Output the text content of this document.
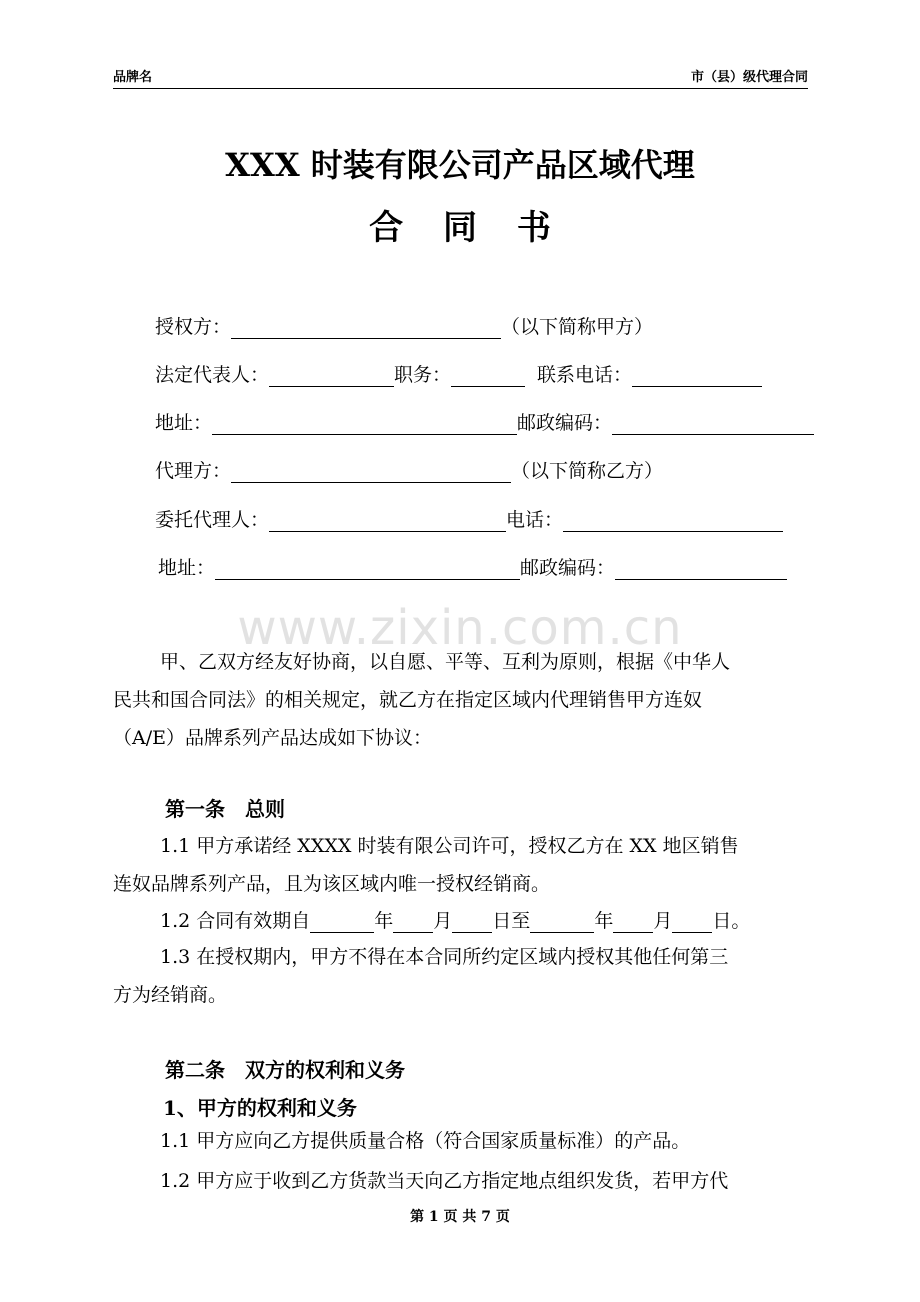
品牌名	市（县）级代理合同
XXX 时装有限公司产品区域代理
合 同 书
www.zixin.com.cn
授权方：	（以下简称甲方）
法定代表人：	职务：	联系电话：
地址：	邮政编码：
代理方：	（以下简称乙方）
委托代理人：	电话：
地址：	邮政编码：
甲、乙双方经友好协商，以自愿、平等、互利为原则，根据《中华人
民共和国合同法》的相关规定，就乙方在指定区域内代理销售甲方连奴
（A/E）品牌系列产品达成如下协议：
第一条　总则
1.1 甲方承诺经 XXXX 时装有限公司许可，授权乙方在 XX 地区销售
连奴品牌系列产品，且为该区域内唯一授权经销商。
1.2 合同有效期自	年 月 日至	年 月 日。
1.3 在授权期内，甲方不得在本合同所约定区域内授权其他任何第三
方为经销商。
第二条　双方的权利和义务
1、甲方的权利和义务
1.1 甲方应向乙方提供质量合格（符合国家质量标准）的产品。
1.2 甲方应于收到乙方货款当天向乙方指定地点组织发货，若甲方代
第 1 页 共 7 页
